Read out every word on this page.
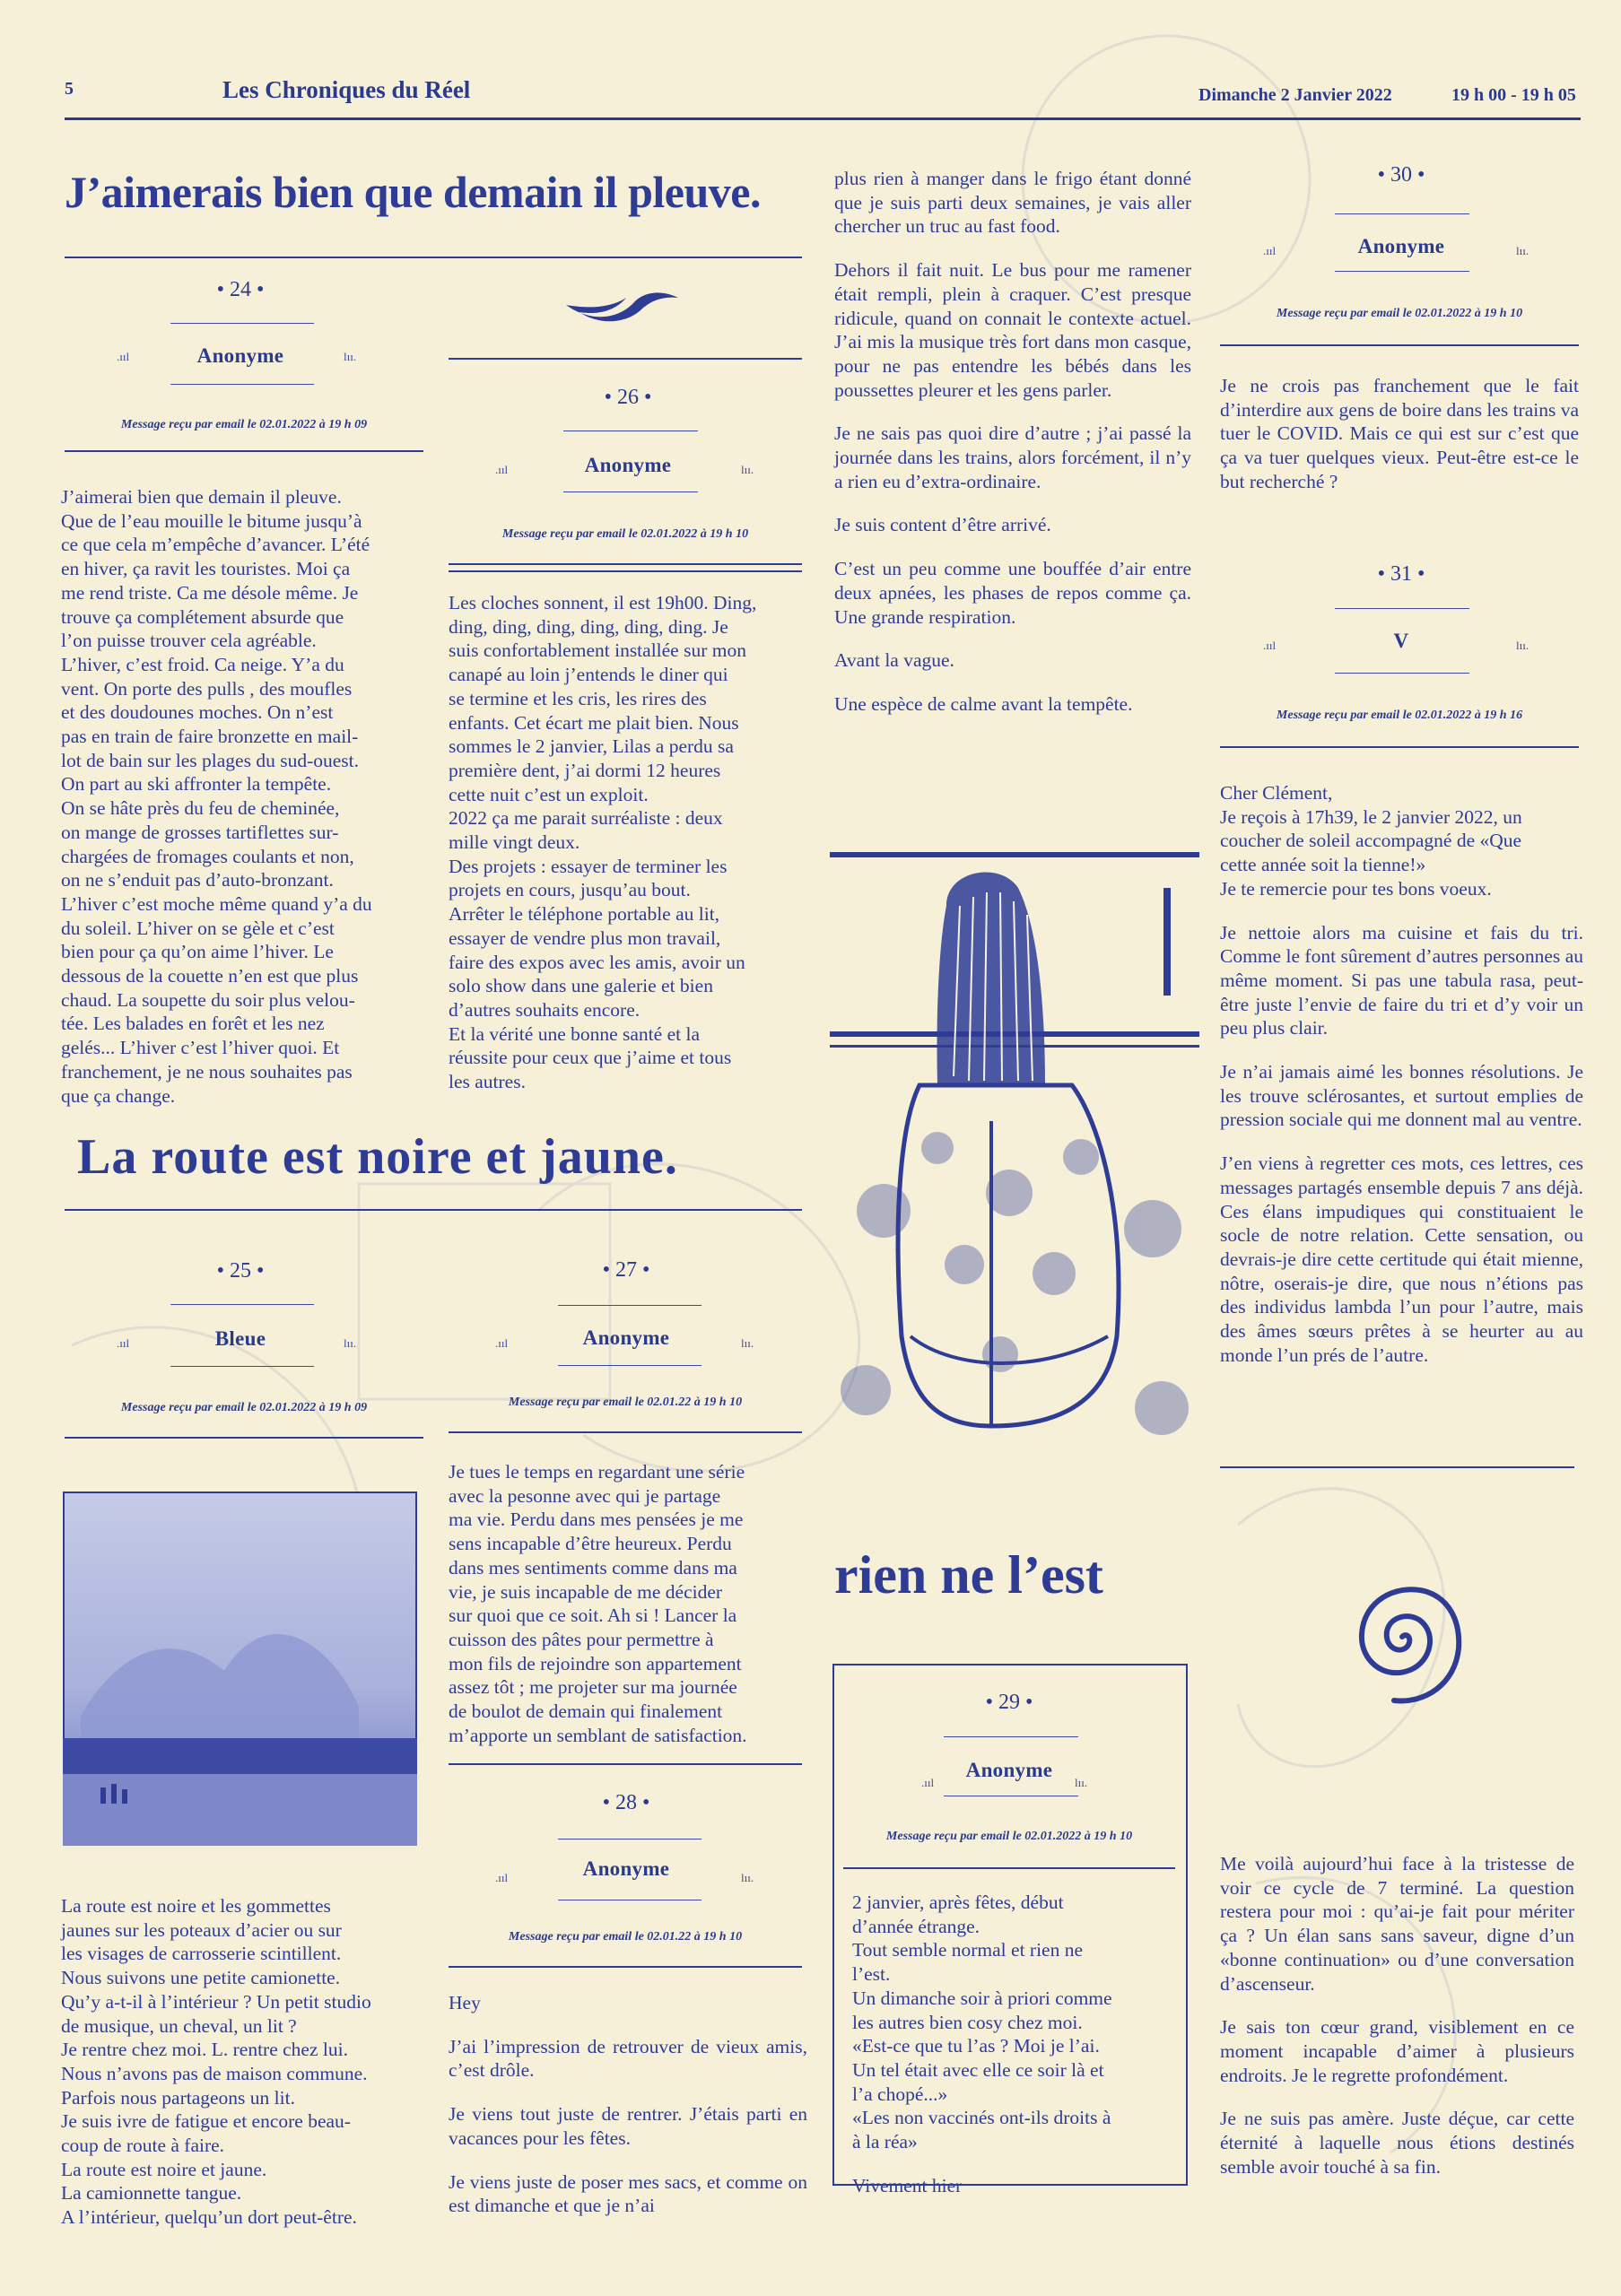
5	Les Chroniques du Réel	Dimanche 2 Janvier 2022	19 h 00 - 19 h 05
J’aimerais bien que demain il pleuve.
• 24 •
.ııl	Anonyme	lıı.
Message reçu par email le 02.01.2022 à 19 h 09
J’aimerai bien que demain il pleuve.
Que de l’eau mouille le bitume jusqu’à
ce que cela m’empêche d’avancer. L’été
en hiver, ça ravit les touristes. Moi ça
me rend triste. Ca me désole même. Je
trouve ça complétement absurde que
l’on puisse trouver cela agréable.
L’hiver, c’est froid. Ca neige. Y’a du
vent. On porte des pulls , des moufles
et des doudounes moches. On n’est
pas en train de faire bronzette en mail-
lot de bain sur les plages du sud-ouest.
On part au ski affronter la tempête.
On se hâte près du feu de cheminée,
on mange de grosses tartiflettes sur-
chargées de fromages coulants et non,
on ne s’enduit pas d’auto-bronzant.
L’hiver c’est moche même quand y’a du
du soleil. L’hiver on se gèle et c’est
bien pour ça qu’on aime l’hiver. Le
dessous de la couette n’en est que plus
chaud. La soupette du soir plus velou-
tée. Les balades en forêt et les nez
gelés... L’hiver c’est l’hiver quoi. Et
franchement, je ne nous souhaites pas
que ça change.
• 26 •
.ııl	Anonyme	lıı.
Message reçu par email le 02.01.2022 à 19 h 10
Les cloches sonnent, il est 19h00. Ding,
ding, ding, ding, ding, ding, ding. Je
suis confortablement installée sur mon
canapé au loin j’entends le diner qui
se termine et les cris, les rires des
enfants. Cet écart me plait bien. Nous
sommes le 2 janvier, Lilas a perdu sa
première dent, j’ai dormi 12 heures
cette nuit c’est un exploit.
2022 ça me parait surréaliste : deux
mille vingt deux.
Des projets : essayer de terminer les
projets en cours, jusqu’au bout.
Arrêter le téléphone portable au lit,
essayer de vendre plus mon travail,
faire des expos avec les amis, avoir un
solo show dans une galerie et bien
d’autres souhaits encore.
Et la vérité une bonne santé et la
réussite pour ceux que j’aime et tous
les autres.

plus rien à manger dans le frigo étant donné que je suis parti deux semaines, je vais aller chercher un truc au fast food.

Dehors il fait nuit. Le bus pour me ramener était rempli, plein à craquer. C’est presque ridicule, quand on connait le contexte actuel. J’ai mis la musique très fort dans mon casque, pour ne pas entendre les bébés dans les poussettes pleurer et les gens parler.

Je ne sais pas quoi dire d’autre ; j’ai passé la journée dans les trains, alors forcément, il n’y a rien eu d’extra-ordinaire.

Je suis content d’être arrivé.

C’est un peu comme une bouffée d’air entre deux apnées, les phases de repos comme ça. Une grande respiration.

Avant la vague.

Une espèce de calme avant la tempête.

rien ne l’est
• 29 •
.ııl
Anonyme
lıı.
Message reçu par email le 02.01.2022 à 19 h 10
2 janvier, après fêtes, début
d’année étrange.
Tout semble normal et rien ne
l’est.
Un dimanche soir à priori comme
les autres bien cosy chez moi.
«Est-ce que tu l’as ? Moi je l’ai.
Un tel était avec elle ce soir là et
l’a chopé...»
«Les non vaccinés ont-ils droits à
à la réa»
Vivement hier
• 30 •
.ııl	Anonyme	lıı.
Message reçu par email le 02.01.2022 à 19 h 10
Je ne crois pas franchement que le fait d’interdire aux gens de boire dans les trains va tuer le COVID. Mais ce qui est sur c’est que ça va tuer quelques vieux. Peut-être est-ce le but recherché ?
• 31 •
.ııl	V	lıı.
Message reçu par email le 02.01.2022 à 19 h 16
Cher Clément,
Je reçois à 17h39, le 2 janvier 2022, un
coucher de soleil accompagné de «Que
cette année soit la tienne!»
Je te remercie pour tes bons voeux.

Je nettoie alors ma cuisine et fais du tri. Comme le font sûrement d’autres personnes au même moment. Si pas une tabula rasa, peut-être juste l’envie de faire du tri et d’y voir un peu plus clair.

Je n’ai jamais aimé les bonnes résolutions. Je les trouve sclérosantes, et surtout emplies de pression sociale qui me donnent mal au ventre.

J’en viens à regretter ces mots, ces lettres, ces messages partagés ensemble depuis 7 ans déjà. Ces élans impudiques qui constituaient le socle de notre relation. Cette sensation, ou devrais-je dire cette certitude qui était mienne, nôtre, oserais-je dire, que nous n’étions pas des individus lambda l’un pour l’autre, mais des âmes sœurs prêtes à se heurter au au monde l’un prés de l’autre.

Me voilà aujourd’hui face à la tristesse de voir ce cycle de 7 terminé. La question restera pour moi : qu’ai-je fait pour mériter ça ? Un élan sans sans saveur, digne d’un «bonne continuation» ou d’une conversation d’ascenseur.

Je sais ton cœur grand, visiblement en ce moment incapable d’aimer à plusieurs endroits. Je le regrette profondément.

Je ne suis pas amère. Juste déçue, car cette éternité à laquelle nous étions destinés semble avoir touché à sa fin.

La route est noire et jaune.
• 25 •
.ııl	Bleue	lıı.
Message reçu par email le 02.01.2022 à 19 h 09
La route est noire et les gommettes
jaunes sur les poteaux d’acier ou sur
les visages de carrosserie scintillent.
Nous suivons une petite camionette.
Qu’y a-t-il à l’intérieur ? Un petit studio
de musique, un cheval, un lit ?
Je rentre chez moi. L. rentre chez lui.
Nous n’avons pas de maison commune.
Parfois nous partageons un lit.
Je suis ivre de fatigue et encore beau-
coup de route à faire.
La route est noire et jaune.
La camionnette tangue.
A l’intérieur, quelqu’un dort peut-être.
• 27 •
.ııl	Anonyme	lıı.
Message reçu par email le 02.01.22 à 19 h 10
Je tues le temps en regardant une série
avec la pesonne avec qui je partage
ma vie. Perdu dans mes pensées je me
sens incapable d’être heureux. Perdu
dans mes sentiments comme dans ma
vie, je suis incapable de me décider
sur quoi que ce soit. Ah si ! Lancer la
cuisson des pâtes pour permettre à
mon fils de rejoindre son appartement
assez tôt ; me projeter sur ma journée
de boulot de demain qui finalement
m’apporte un semblant de satisfaction.
• 28 •
.ııl	Anonyme	lıı.
Message reçu par email le 02.01.22 à 19 h 10

Hey

J’ai l’impression de retrouver de vieux amis, c’est drôle.

Je viens tout juste de rentrer. J’étais parti en vacances pour les fêtes.

Je viens juste de poser mes sacs, et comme on est dimanche et que je n’ai
